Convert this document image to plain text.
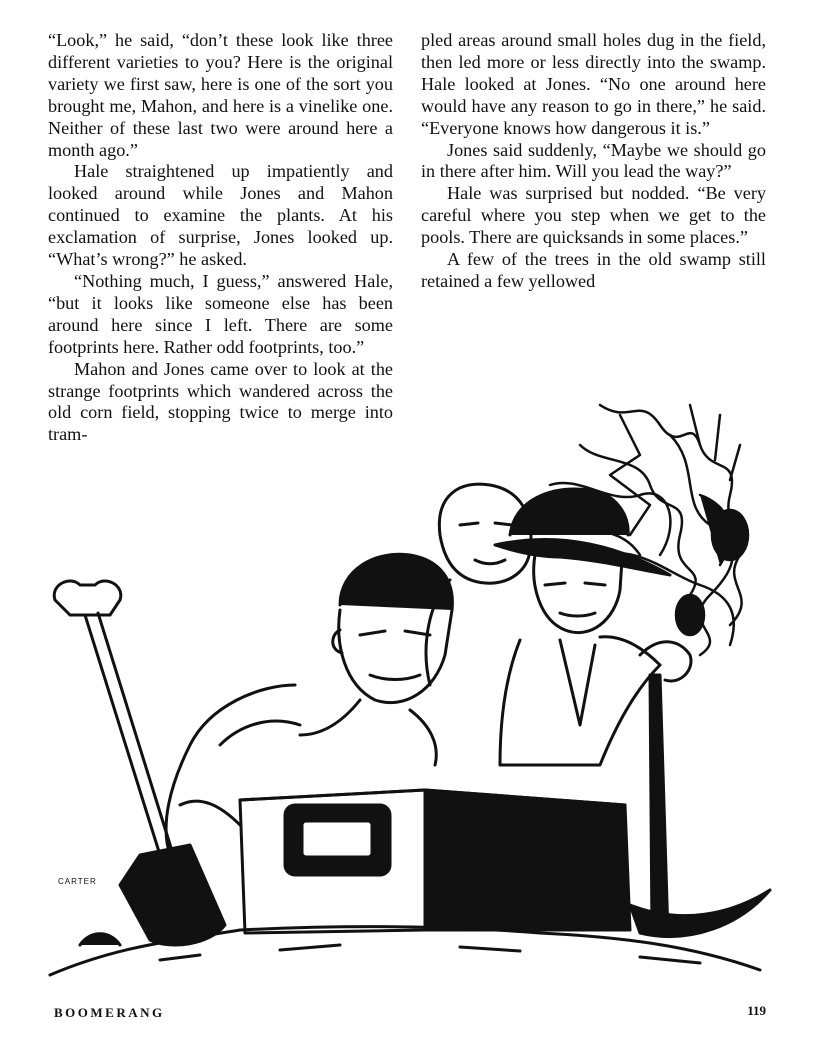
“Look,” he said, “don’t these look like three different varieties to you? Here is the original variety we first saw, here is one of the sort you brought me, Mahon, and here is a vinelike one. Neither of these last two were around here a month ago.”

Hale straightened up impatiently and looked around while Jones and Mahon continued to examine the plants. At his exclamation of surprise, Jones looked up. “What’s wrong?” he asked.

“Nothing much, I guess,” answered Hale, “but it looks like someone else has been around here since I left. There are some footprints here. Rather odd footprints, too.”

Mahon and Jones came over to look at the strange footprints which wandered across the old corn field, stopping twice to merge into tram-

pled areas around small holes dug in the field, then led more or less directly into the swamp. Hale looked at Jones. “No one around here would have any reason to go in there,” he said. “Everyone knows how dangerous it is.”

Jones said suddenly, “Maybe we should go in there after him. Will you lead the way?”

Hale was surprised but nodded. “Be very careful where you step when we get to the pools. There are quicksands in some places.”

A few of the trees in the old swamp still retained a few yellowed

CARTER
BOOMERANG	119
